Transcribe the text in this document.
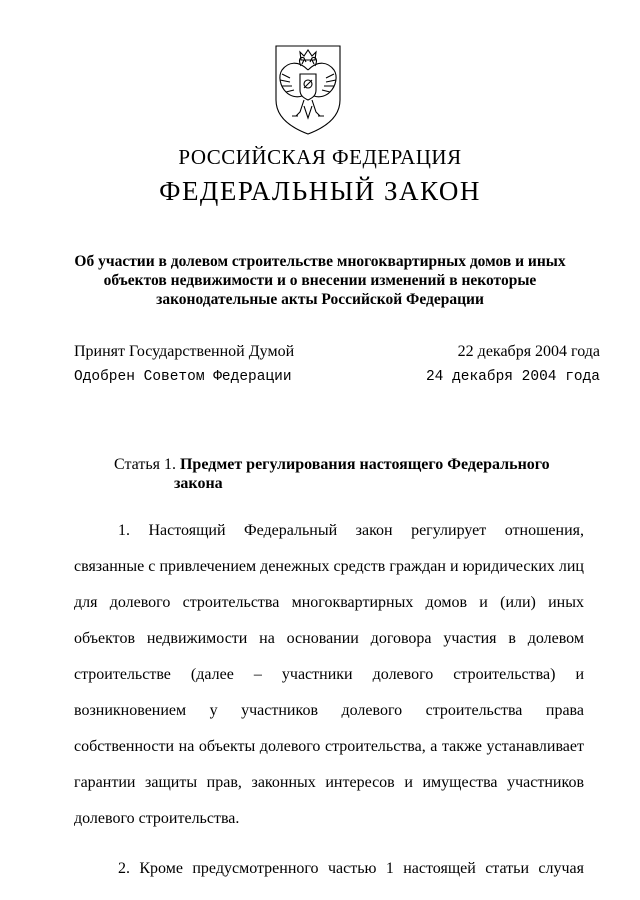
РОССИЙСКАЯ ФЕДЕРАЦИЯ
ФЕДЕРАЛЬНЫЙ ЗАКОН
Об участии в долевом строительстве многоквартирных домов и иных
объектов недвижимости и о внесении изменений в некоторые
законодательные акты Российской Федерации
Принят Государственной Думой	22 декабря 2004 года
Одобрен Советом Федерации	24 декабря 2004 года
Статья 1. Предмет регулирования настоящего Федерального
закона

1. Настоящий Федеральный закон регулирует отношения, связанные с привлечением денежных средств граждан и юридических лиц для долевого строительства многоквартирных домов и (или) иных объектов недвижимости на основании договора участия в долевом строительстве (далее – участники долевого строительства) и возникновением у участников долевого строительства права собственности на объекты долевого строительства, а также устанавливает гарантии защиты прав, законных интересов и имущества участников долевого строительства.

2. Кроме предусмотренного частью 1 настоящей статьи случая
